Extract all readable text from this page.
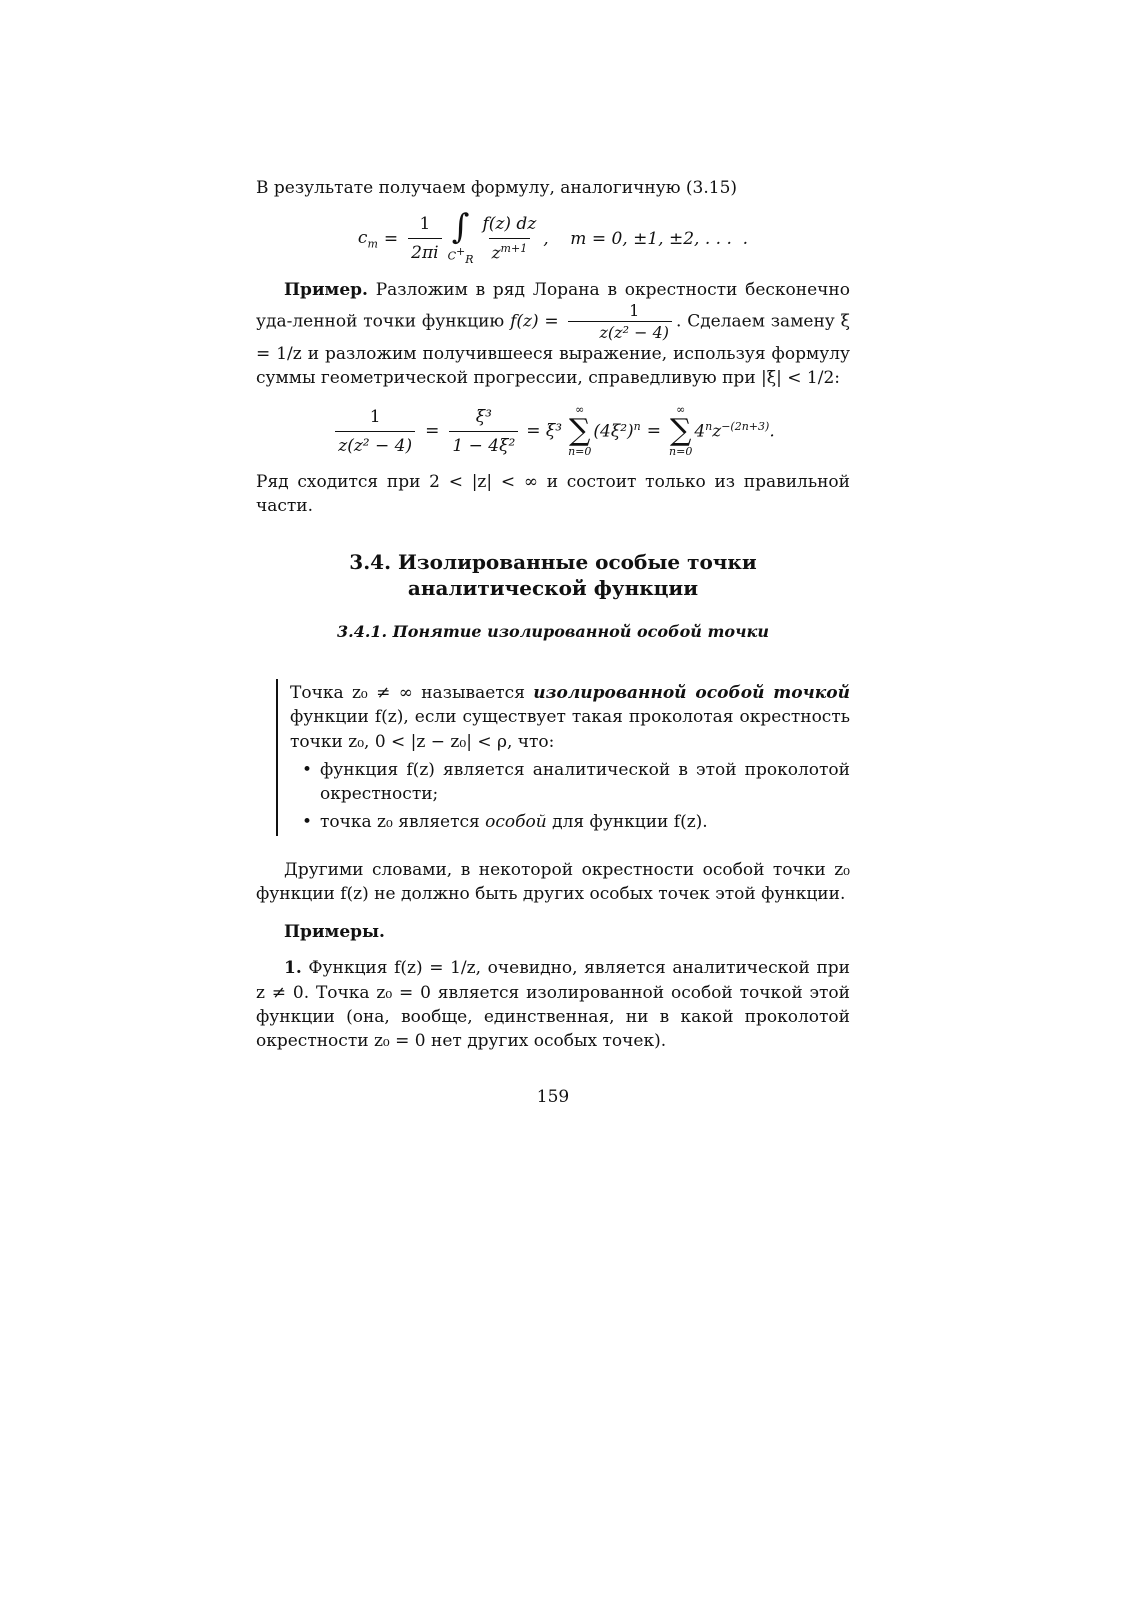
В результате получаем формулу, аналогичную (3.15)

$c_m = \frac{1}{2\pi i}$ ∫
$C^+_R \frac{f(z) dz}{z^{m+1}}$ ,    m = 0, ±1, ±2, . . .  .

Пример. Разложим в ряд Лорана в окрестности бесконечно уда-ленной точки функцию $f(z) = \frac{1}{\text{z(z² − 4)}}$ . Сделаем замену ξ = 1/z и разложим получившееся выражение, используя формулу суммы геометрической прогрессии, справедливую при |ξ| < 1/2:

$\frac{1}{\text{z(z² − 4)}} = \frac{\text{ξ³}}{\text{1 − 4ξ²}} = \xi^3$
∞
∑
n=0
$(4\xi^2)^n$ =
∞
∑
n=0
$4^nz^{-(2n+3)}$.

Ряд сходится при 2 < |z| < ∞ и состоит только из правильной части.

3.4. Изолированные особые точки
аналитической функции
3.4.1. Понятие изолированной особой точки

Точка z₀ ≠ ∞ называется изолированной особой точкой функции f(z), если существует такая проколотая окрестность точки z₀, 0 < |z − z₀| < ρ, что:

• функция f(z) является аналитической в этой проколотой окрестности;

• точка z₀ является особой для функции f(z).

Другими словами, в некоторой окрестности особой точки z₀ функции f(z) не должно быть других особых точек этой функции.

Примеры.

1. Функция f(z) = 1/z, очевидно, является аналитической при z ≠ 0. Точка z₀ = 0 является изолированной особой точкой этой функции (она, вообще, единственная, ни в какой проколотой окрестности z₀ = 0 нет других особых точек).

159
